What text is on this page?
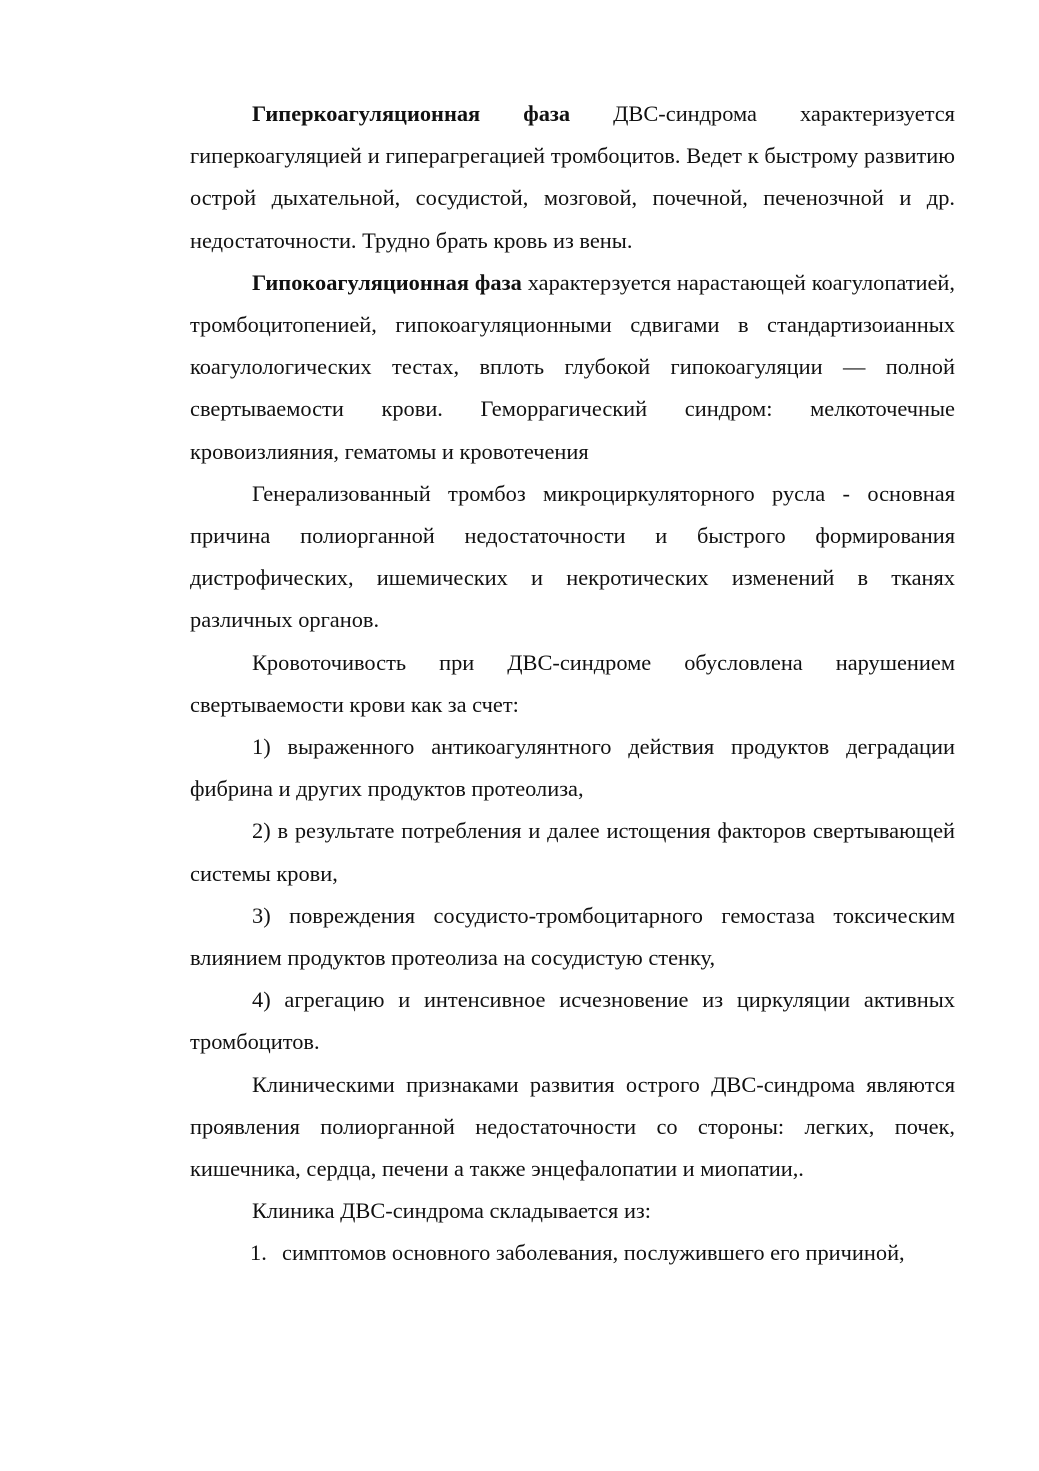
Гиперкоагуляционная фаза ДВС-синдрома характеризуется гиперкоагуляцией и гиперагрегацией тромбоцитов. Ведет к быстрому развитию острой дыхательной, сосудистой, мозговой, почечной, печенозчной и др. недостаточности. Трудно брать кровь из вены.

Гипокоагуляционная фаза характерзуется нарастающей коагулопатией, тромбоцитопенией, гипокоагуляционными сдвигами в стандартизоианных коагулологических тестах, вплоть глубокой гипокоагуляции — полной свертываемости крови. Геморрагический синдром: мелкоточечные кровоизлияния, гематомы и кровотечения

Генерализованный тромбоз микроциркуляторного русла - основная причина полиорганной недостаточности и быстрого формирования дистрофических, ишемических и некротических изменений в тканях различных органов.

Кровоточивость при ДВС-синдроме обусловлена нарушением свертываемости крови как за счет:

1) выраженного антикоагулянтного действия продуктов деградации фибрина и других продуктов протеолиза,

2) в результате потребления и далее истощения факторов свертывающей системы крови,

3) повреждения сосудисто-тромбоцитарного гемостаза токсическим влиянием продуктов протеолиза на сосудистую стенку,

4) агрегацию и интенсивное исчезновение из циркуляции активных тромбоцитов.

Клиническими признаками развития острого ДВС-синдрома являются проявления полиорганной недостаточности со стороны: легких, почек, кишечника, сердца, печени а также энцефалопатии и миопатии,.

Клиника ДВС-синдрома складывается из:

1. симптомов основного заболевания, послужившего его причиной,
